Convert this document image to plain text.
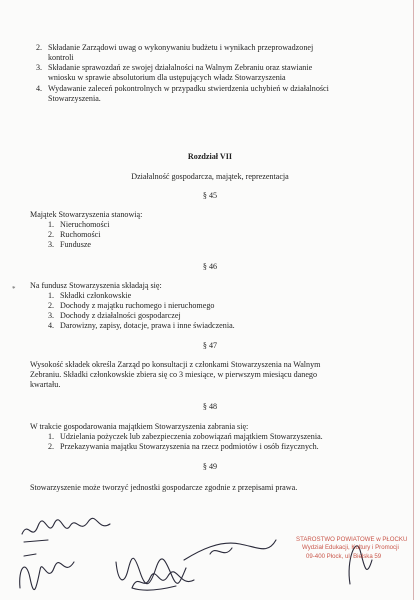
2. Składanie Zarządowi uwag o wykonywaniu budżetu i wynikach przeprowadzonej
kontroli
3. Składanie sprawozdań ze swojej działalności na Walnym Zebraniu oraz stawianie
wniosku w sprawie absolutorium dla ustępujących władz Stowarzyszenia
4. Wydawanie zaleceń pokontrolnych w przypadku stwierdzenia uchybień w działalności
Stowarzyszenia.
Rozdział VII
Działalność gospodarcza, majątek, reprezentacja
§ 45
Majątek Stowarzyszenia stanowią:
1. Nieruchomości
2. Ruchomości
3. Fundusze
§ 46
* Na fundusz Stowarzyszenia składają się:
1. Składki członkowskie
2. Dochody z majątku ruchomego i nieruchomego
3. Dochody z działalności gospodarczej
4. Darowizny, zapisy, dotacje, prawa i inne świadczenia.
§ 47
Wysokość składek określa Zarząd po konsultacji z członkami Stowarzyszenia na Walnym
Zebraniu. Składki członkowskie zbiera się co 3 miesiące, w pierwszym miesiącu danego
kwartału.
§ 48
W trakcie gospodarowania majątkiem Stowarzyszenia zabrania się:
1. Udzielania pożyczek lub zabezpieczenia zobowiązań majątkiem Stowarzyszenia.
2. Przekazywania majątku Stowarzyszenia na rzecz podmiotów i osób fizycznych.
§ 49
Stowarzyszenie może tworzyć jednostki gospodarcze zgodnie z przepisami prawa.
STAROSTWO POWIATOWE w PŁOCKU
Wydział Edukacji, Kultury i Promocji
09-400 Płock, ul. Bielska 59
